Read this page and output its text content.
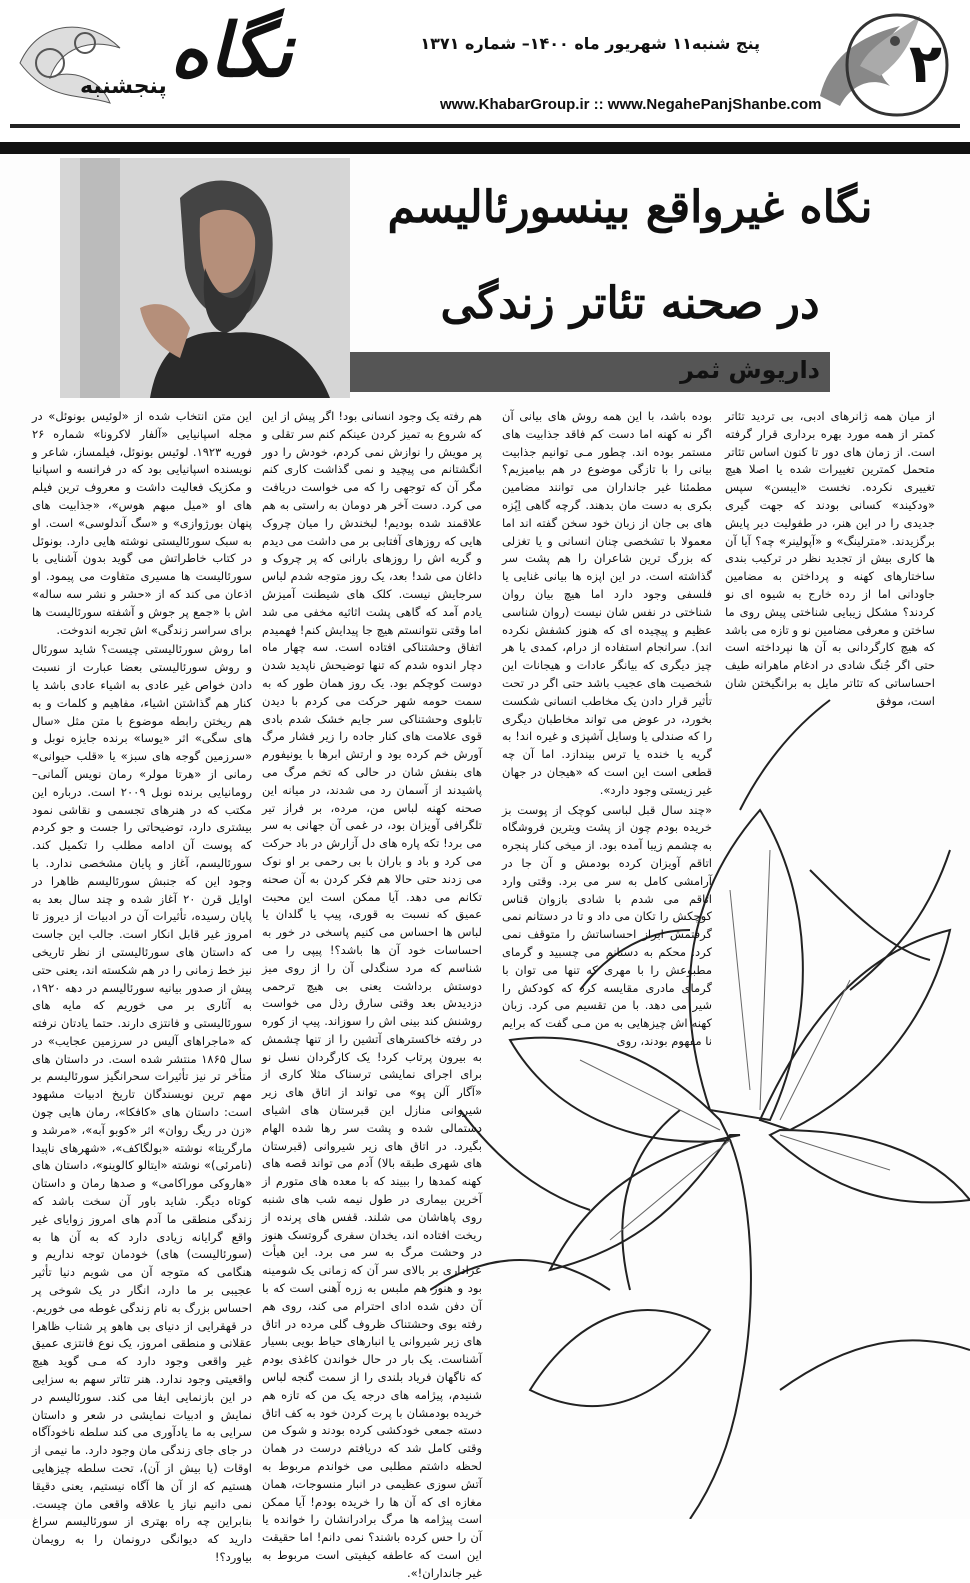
۲
پنج شنبه۱۱ شهریور ماه ۱۴۰۰– شماره ۱۳۷۱
www.KhabarGroup.ir :: www.NegahePanjShanbe.com
نگاه
پنجشنبه
نگاه غیرواقع بینسورئالیسم
در صحنه تئاتر زندگی
داریوش ثمر

از میان همه ژانرهای ادبی، بی تردید تئاتر کمتر از همه مورد بهره برداری قرار گرفته است. از زمان های دور تا کنون اساس تئاتر متحمل کمترین تغییرات شده یا اصلا هیچ تغییری نکرده. نخست «ایبسن» سپس «ودکیند» کسانی بودند که جهت گیری جدیدی را در این هنر، در طفولیت دیر پایش برگزیدند. «مترلینگ» و «آپولینر» چه؟ آیا آن ها کاری بیش از تجدید نظر در ترکیب بندی ساختارهای کهنه و پرداختن به مضامین جاودانی اما از رده خارج به شیوه ای نو کردند؟ مشکل زیبایی شناختی پیش روی ما ساختن و معرفی مضامین نو و تازه می باشد که هیچ کارگردانی به آن ها نپرداخته است حتی اگر جُنگ شادی در ادغام ماهرانه طیف احساساتی که تئاتر مایل به برانگیختن شان است، موفق

بوده باشد، با این همه روش های بیانی آن اگر نه کهنه اما دست کم فاقد جذابیت های مستمر بوده اند. چطور مـی توانیم جذابیت بیانی را با تازگی موضوع در هم بیامیزیم؟ مطمئنا غیر جانداران می توانند مضامین بکری به دست مان بدهند. گرچه گاهی اِپُزه های بی جان از زبان خود سخن گفته اند اما معمولا با تشخصی چنان انسانی و یا تغزلی که بزرگ ترین شاعران را هم پشت سر گذاشته است. در این اپزه ها بیانی غنایی یا فلسفی وجود دارد اما هیچ بیان روان شناختی در نفس شان نیست (روان شناسی عظیم و پیچیده ای که هنوز کشفش نکرده اند). سرانجام استفاده از درام، کمدی یا هر چیز دیگری که بیانگر عادات و هیجانات این شخصیت های عجیب باشد حتی اگر در تحت تأثیر قرار دادن یک مخاطب انسانی شکست بخورد، در عوض می تواند مخاطبان دیگری را که صندلی یا وسایل آشپزی و غیره اند! به گریه یا خنده یا ترس بیندازد. اما آن چه قطعی است این است که «هیجان در جهان غیر زیستی وجود دارد».

«چند سال قبل لباسی کوچک از پوست بز خریده بودم چون از پشت ویترین فروشگاه به چشمم زیبا آمده بود. از میخی کنار پنجره اتاقم آویزان کرده بودمش و آن جا در آرامشی کامل به سر می برد. وقتی وارد اتاقم می شدم با شادی بازوان قناس کوچکش را تکان می داد و تا در دستانم نمی گرفتمش ابراز احساساتش را متوقف نمی کرد. محکم به دستانم می چسبید و گرمای مطبوعش را با مهری که تنها می توان با گرمای مادری مقایسه کرد که کودکش را شیر می دهد. با من تقسیم می کرد. زبان کهنه اش چیزهایی به من مـی گفت که برایم نا مفهوم بودند، روی

هم رفته یک وجود انسانی بود! اگر پیش از این که شروع به تمیز کردن عینکم کنم سر تقلی و پر مویش را نوازش نمی کردم، خودش را دور انگشتانم می پیچید و نمی گذاشت کاری کنم مگر آن که توجهی را که می خواست دریافت می کرد. دست آخر هر دومان به راستی به هم علاقمند شده بودیم! لبخندش را میان چروک هایی که روزهای آفتابی بر می داشت می دیدم و گریه اش را روزهای بارانی که پر چروک و داغان می شد! بعد، یک روز متوجه شدم لباس سرجایش نیست. کلک های شیطنت آمیزش یادم آمد که گاهی پشت اثاثیه مخفی می شد اما وقتی نتوانستم هیچ جا پیدایش کنم! فهمیدم اتفاق وحشتناکی افتاده است. سه چهار ماه دچار اندوه شدم که تنها توضیحش ناپدید شدن دوست کوچکم بود. یک روز همان طور که به سمت حومه شهر حرکت می کردم با دیدن تابلوی وحشتناکی سر جایم خشک شدم بادی قوی علامت های کنار جاده را زیر فشار مرگ آورش خم کرده بود و ارتش ابرها با یونیفورم های بنفش شان در حالی که تخم مرگ می پاشیدند از آسمان رد می شدند، در میانه این صحنه کهنه لباس من، مرده، بر فراز تیر تلگرافی آویزان بود، در غمی آن جهانی به سر می برد! تکه پاره های دل آزارش در باد حرکت می کرد و باد و باران با بی رحمی بر او نوک می زدند حتی حالا هم فکر کردن به آن صحنه تکانم می دهد. آیا ممکن است این محبت عمیق که نسبت به قوری، پیپ یا گلدان یا لباس ها احساس می کنیم پاسخی در خور به احساسات خود آن ها باشد؟! پیپی را می شناسم که مرد سنگدلی آن را از روی میز دوستش برداشت یعنی بی هیچ ترحمی دزدیدش بعد وقتی سارق رذل می خواست روشنش کند بینی اش را سوزاند. پیپ از کوره در رفته خاکسترهای آتشین را از تنها چشمش به بیرون پرتاب کرد! یک کارگردان نسل نو برای اجرای نمایشی ترسناک مثلا کاری از «آگار آلن پو» می تواند از اتاق های زیر شیروانی منازل این قبرستان های اشیای دستمالی شده و پشت سر رها شده الهام بگیرد. در اتاق های زیر شیروانی (قبرستان های شهری طبقه بالا) آدم می تواند قصه های کهنه کمدها را ببیند که با معده های متورم از آخرین بیماری در طول نیمه شب های شنبه روی پاهاشان می شلند. قفس های پرنده از ریخت افتاده اند، یخدان سفری گروتسک هنوز در وحشت مرگ به سر می برد. این هیأت عزاداری بر بالای سر آن که زمانی یک شومینه بود و هنوز هم ملبس به زره آهنی است که با آن دفن شده ادای احترام می کند، روی هم رفته بوی وحشتناک ظروف گلی مرده در اتاق های زیر شیروانی یا انبارهای حیاط بویی بسیار آشناست. یک بار در حال خواندن کاغذی بودم که ناگهان فریاد بلندی را از سمت گنجه لباس شنیدم، پیژامه های درجه یک من که تازه هم خریده بودمشان با پرت کردن خود به کف اتاق دسته جمعی خودکشی کرده بودند و شوک من وقتی کامل شد که دریافتم درست در همان لحظه داشتم مطلبی می خواندم مربوط به آتش سوزی عظیمی در انبار منسوجات، همان مغازه ای که آن ها را خریده بودم! آیا ممکن است پیژامه ها مرگ برادرانشان را خوانده یا آن را حس کرده باشند؟ نمی دانم! اما حقیقت این است که عاطفه کیفیتی است مربوط به غیر جانداران!».

این متن انتخاب شده از «لوئیس بونوئل» در مجله اسپانیایی «آلفار لاکرونا» شماره ۲۶ فوریه ۱۹۲۳. لوئیس بونوئل، فیلمساز، شاعر و نویسنده اسپانیایی بود که در فرانسه و اسپانیا و مکزیک فعالیت داشت و معروف ترین فیلم های او «میل مبهم هوس»، «جذابیت های پنهان بورژوازی» و «سگ آندلوسی» است. او به سبک سورئالیستی نوشته هایی دارد. بونوئل در کتاب خاطراتش می گوید بدون آشنایی با سورئالیست ها مسیری متفاوت می پیمود. او اذعان می کند که از «حشر و نشر سه ساله» اش با «جمع پر جوش و آشفته سورئالیست ها برای سراسر زندگی» اش تجربه اندوخت.

اما روش سورئالیستی چیست؟ شاید سورئال و روش سورئالیستی بعضا عبارت از نسبت دادن خواص غیر عادی به اشیاء عادی باشد یا کنار هم گذاشتن اشیاء، مفاهیم و کلمات و به هم ریختن رابطه موضوع با متن مثل «سال های سگی» اثر «یوسا» برنده جایزه نوبل و «سرزمین گوجه های سبز» یا «قلب حیوانی» رمانی از «هرتا مولر» رمان نویس آلمانی–رومانیایی برنده نوبل ۲۰۰۹ است. درباره این مکتب که در هنرهای تجسمی و نقاشی نمود بیشتری دارد، توضیحاتی را جست و جو کردم که پوست آن ادامه مطلب را تکمیل کند. سورئالیسم، آغاز و پایان مشخصی ندارد. با وجود این که جنبش سورئالیسم ظاهرا در اوایل قرن ۲۰ آغاز شده و چند سال بعد به پایان رسیده، تأثیرات آن در ادبیات از دیروز تا امروز غیر قابل انکار است. جالب این جاست که داستان های سورئالیستی از نظر تاریخی نیز خط زمانی را در هم شکسته اند، یعنی حتی پیش از صدور بیانیه سورئالیسم در دهه ۱۹۲۰، به آثاری بر می خوریم که مایه های سورئالیستی و فانتزی دارند. حتما یادتان نرفته که «ماجراهای آلیس در سرزمین عجایب» در سال ۱۸۶۵ منتشر شده است. در داستان های متأخر تر نیز تأثیرات سحرانگیز سورئالیسم بر مهم ترین نویسندگان تاریخ ادبیات مشهود است: داستان های «کافکا»، رمان هایی چون «زن در ریگ روان» اثر «کوبو آبه»، «مرشد و مارگریتا» نوشته «بولگاکف»، «شهرهای ناپیدا (نامرئی)» نوشته «ایتالو کالوینو»، داستان های «هاروکی موراکامی» و صدها رمان و داستان کوتاه دیگر. شاید باور آن سخت باشد که زندگی منطقی ما آدم های امروز زوایای غیر واقع گرایانه زیادی دارد که به آن ها به (سورئالیست) های) خودمان توجه نداریم و هنگامی که متوجه آن می شویم دنیا تأثیر عجیبی بر ما دارد، انگار در یک شوخی پر احساس بزرگ به نام زندگی غوطه می خوریم. در قهقرایی از دنیای بی هاهو پر شتاب ظاهرا عقلانی و منطقی امروز، یک نوع فانتزی عمیق غیر واقعی وجود دارد که مـی گوید هیچ واقعیتی وجود ندارد. هنر تئاتر سهم به سزایی در این بازنمایی ایفا می کند. سورئالیسم در نمایش و ادبیات نمایشی در شعر و داستان سرایی به ما یادآوری می کند سلطه ناخودآگاه در جای جای زندگی مان وجود دارد. ما نیمی از اوقات (یا بیش از آن)، تحت سلطه چیزهایی هستیم که از آن ها آگاه نیستیم، یعنی دقیقا نمی دانیم نیاز یا علاقه واقعی مان چیست. بنابراین چه راه بهتری از سورئالیسم سراغ دارید که دیوانگی درونمان را به رویمان بیاورد؟!
